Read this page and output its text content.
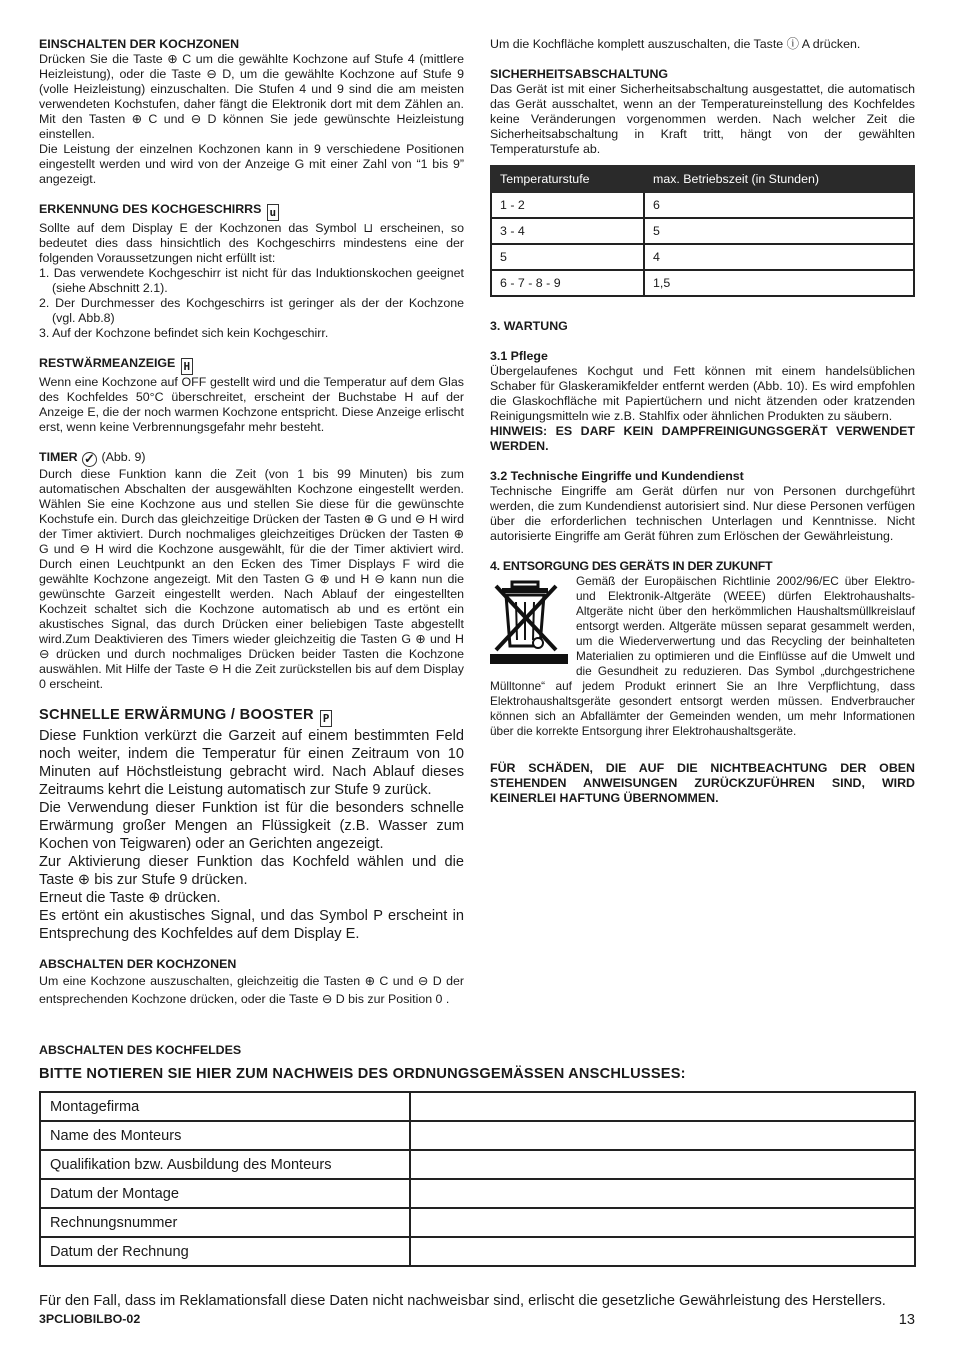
EINSCHALTEN DER KOCHZONEN

Drücken Sie die Taste ⊕ C um die gewählte Kochzone auf Stufe 4 (mittlere Heizleistung), oder die Taste ⊖ D, um die gewählte Kochzone auf Stufe 9 (volle Heizleistung) einzuschalten. Die Stufen 4 und 9 sind die am meisten verwendeten Kochstufen, daher fängt die Elektronik dort mit dem Zählen an. Mit den Tasten ⊕ C und ⊖ D können Sie jede gewünschte Heizleistung einstellen.

Die Leistung der einzelnen Kochzonen kann in 9 verschiedene Positionen eingestellt werden und wird von der Anzeige G mit einer Zahl von “1 bis 9” angezeigt.

ERKENNUNG DES KOCHGESCHIRRS u

Sollte auf dem Display E der Kochzonen das Symbol ⊔ erscheinen, so bedeutet dies dass hinsichtlich des Kochgeschirrs mindestens eine der folgenden Voraussetzungen nicht erfüllt ist:

1. Das verwendete Kochgeschirr ist nicht für das Induktionskochen geeignet (siehe Abschnitt 2.1).

2. Der Durchmesser des Kochgeschirrs ist geringer als der der Kochzone (vgl. Abb.8)

3. Auf der Kochzone befindet sich kein Kochgeschirr.

RESTWÄRMEANZEIGE H

Wenn eine Kochzone auf OFF gestellt wird und die Temperatur auf dem Glas des Kochfeldes 50°C überschreitet, erscheint der Buchstabe H auf der Anzeige E, die der noch warmen Kochzone entspricht. Diese Anzeige erlischt erst, wenn keine Verbrennungsgefahr mehr besteht.

TIMER ✓ (Abb. 9)

Durch diese Funktion kann die Zeit (von 1 bis 99 Minuten) bis zum automatischen Abschalten der ausgewählten Kochzone eingestellt werden. Wählen Sie eine Kochzone aus und stellen Sie diese für die gewünschte Kochstufe ein. Durch das gleichzeitige Drücken der Tasten ⊕ G und ⊖ H wird der Timer aktiviert. Durch nochmaliges gleichzeitiges Drücken der Tasten ⊕ G und ⊖ H wird die Kochzone ausgewählt, für die der Timer aktiviert wird. Durch einen Leuchtpunkt an den Ecken des Timer Displays F wird die gewählte Kochzone angezeigt. Mit den Tasten G ⊕ und H ⊖ kann nun die gewünschte Garzeit eingestellt werden. Nach Ablauf der eingestellten Kochzeit schaltet sich die Kochzone automatisch ab und es ertönt ein akustisches Signal, das durch Drücken einer beliebigen Taste abgestellt wird.Zum Deaktivieren des Timers wieder gleichzeitig die Tasten G ⊕ und H ⊖ drücken und durch nochmaliges Drücken beider Tasten die Kochzone auswählen. Mit Hilfe der Taste ⊖ H die Zeit zurückstellen bis auf dem Display 0 erscheint.

SCHNELLE ERWÄRMUNG / BOOSTER P

Diese Funktion verkürzt die Garzeit auf einem bestimmten Feld noch weiter, indem die Temperatur für einen Zeitraum von 10 Minuten auf Höchstleistung gebracht wird. Nach Ablauf dieses Zeitraums kehrt die Leistung automatisch zur Stufe 9 zurück.

Die Verwendung dieser Funktion ist für die besonders schnelle Erwärmung großer Mengen an Flüssigkeit (z.B. Wasser zum Kochen von Teigwaren) oder an Gerichten angezeigt.

Zur Aktivierung dieser Funktion das Kochfeld wählen und die Taste ⊕ bis zur Stufe 9 drücken.

Erneut die Taste ⊕ drücken.

Es ertönt ein akustisches Signal, und das Symbol P erscheint in Entsprechung des Kochfeldes auf dem Display E.

ABSCHALTEN DER KOCHZONEN

Um eine Kochzone auszuschalten, gleichzeitig die Tasten ⊕ C und ⊖ D der entsprechenden Kochzone drücken, oder die Taste ⊖ D bis zur Position 0 .

Um die Kochfläche komplett auszuschalten, die Taste ⓘ A drücken.

SICHERHEITSABSCHALTUNG

Das Gerät ist mit einer Sicherheitsabschaltung ausgestattet, die automatisch das Gerät ausschaltet, wenn an der Temperatureinstellung des Kochfeldes keine Veränderungen vorgenommen werden. Nach welcher Zeit die Sicherheitsabschaltung in Kraft tritt, hängt von der gewählten Temperaturstufe ab.

Temperaturstufe	max. Betriebszeit (in Stunden)
1 - 2	6
3 - 4	5
5	4
6 - 7 - 8 - 9	1,5
3. WARTUNG
3.1 Pflege

Übergelaufenes Kochgut und Fett können mit einem handelsüblichen Schaber für Glaskeramikfelder entfernt werden (Abb. 10). Es wird empfohlen die Glaskochfläche mit Papiertüchern und nicht ätzenden oder kratzenden Reinigungsmitteln wie z.B. Stahlfix oder ähnlichen Produkten zu säubern.

HINWEIS: ES DARF KEIN DAMPFREINIGUNGSGERÄT VERWENDET WERDEN.

3.2 Technische Eingriffe und Kundendienst

Technische Eingriffe am Gerät dürfen nur von Personen durchgeführt werden, die zum Kundendienst autorisiert sind. Nur diese Personen verfügen über die erforderlichen technischen Unterlagen und Kenntnisse. Nicht autorisierte Eingriffe am Gerät führen zum Erlöschen der Gewährleistung.

4. ENTSORGUNG DES GERÄTS IN DER ZUKUNFT

Gemäß der Europäischen Richtlinie 2002/96/EC über Elektro- und Elektronik-Altgeräte (WEEE) dürfen Elektrohaushalts-Altgeräte nicht über den herkömmlichen Haushaltsmüllkreislauf entsorgt werden. Altgeräte müssen separat gesammelt werden, um die Wiederverwertung und das Recycling der beinhalteten Materialien zu optimieren und die Einflüsse auf die Umwelt und die Gesundheit zu reduzieren. Das Symbol „durchgestrichene Mülltonne“ auf jedem Produkt erinnert Sie an Ihre Verpflichtung, dass Elektrohaushaltsgeräte gesondert entsorgt werden müssen. Endverbraucher können sich an Abfallämter der Gemeinden wenden, um mehr Informationen über die korrekte Entsorgung ihrer Elektrohaushaltsgeräte.

FÜR SCHÄDEN, DIE AUF DIE NICHTBEACHTUNG DER OBEN STEHENDEN ANWEISUNGEN ZURÜCKZUFÜHREN SIND, WIRD KEINERLEI HAFTUNG ÜBERNOMMEN.

ABSCHALTEN DES KOCHFELDES
BITTE NOTIEREN SIE HIER ZUM NACHWEIS DES ORDNUNGSGEMÄSSEN ANSCHLUSSES:
Montagefirma	
Name des Monteurs	
Qualifikation bzw. Ausbildung des Monteurs	
Datum der Montage	
Rechnungsnummer	
Datum der Rechnung	
Für den Fall, dass im Reklamationsfall diese Daten nicht nachweisbar sind, erlischt die gesetzliche Gewährleistung des Herstellers.
3PCLIOBILBO-02	13
